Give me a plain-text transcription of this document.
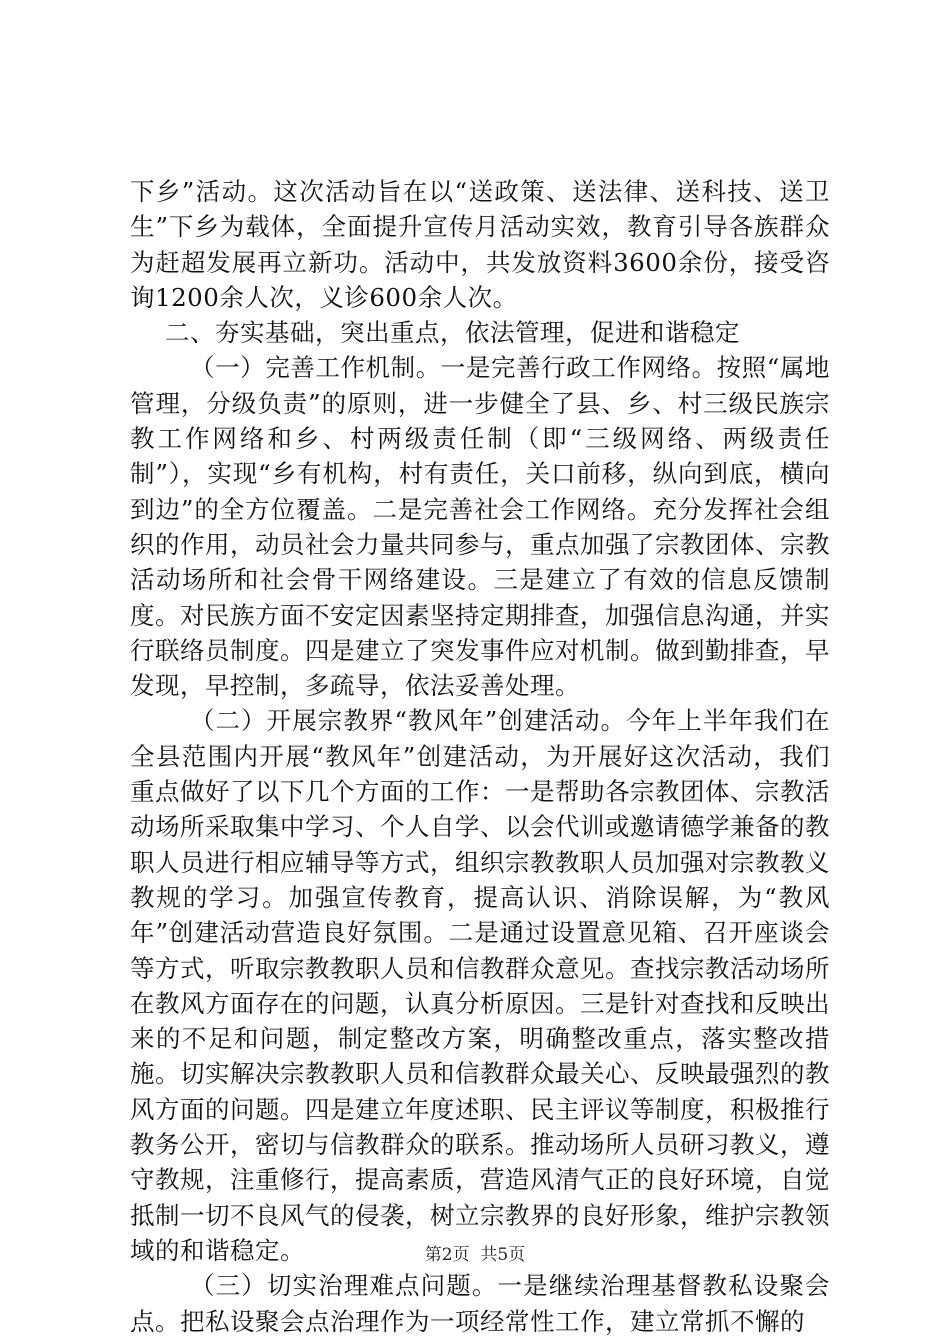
下乡”活动。这次活动旨在以“送政策、送法律、送科技、送卫生”下乡为载体，全面提升宣传月活动实效，教育引导各族群众为赶超发展再立新功。活动中，共发放资料3600余份，接受咨询1200余人次，义诊600余人次。

二、夯实基础，突出重点，依法管理，促进和谐稳定

（一）完善工作机制。一是完善行政工作网络。按照“属地管理，分级负责”的原则，进一步健全了县、乡、村三级民族宗教工作网络和乡、村两级责任制（即“三级网络、两级责任制”），实现“乡有机构，村有责任，关口前移，纵向到底，横向到边”的全方位覆盖。二是完善社会工作网络。充分发挥社会组织的作用，动员社会力量共同参与，重点加强了宗教团体、宗教活动场所和社会骨干网络建设。三是建立了有效的信息反馈制度。对民族方面不安定因素坚持定期排查，加强信息沟通，并实行联络员制度。四是建立了突发事件应对机制。做到勤排查，早发现，早控制，多疏导，依法妥善处理。

（二）开展宗教界“教风年”创建活动。今年上半年我们在全县范围内开展“教风年”创建活动，为开展好这次活动，我们重点做好了以下几个方面的工作：一是帮助各宗教团体、宗教活动场所采取集中学习、个人自学、以会代训或邀请德学兼备的教职人员进行相应辅导等方式，组织宗教教职人员加强对宗教教义教规的学习。加强宣传教育，提高认识、消除误解，为“教风年”创建活动营造良好氛围。二是通过设置意见箱、召开座谈会等方式，听取宗教教职人员和信教群众意见。查找宗教活动场所在教风方面存在的问题，认真分析原因。三是针对查找和反映出来的不足和问题，制定整改方案，明确整改重点，落实整改措施。切实解决宗教教职人员和信教群众最关心、反映最强烈的教风方面的问题。四是建立年度述职、民主评议等制度，积极推行教务公开，密切与信教群众的联系。推动场所人员研习教义，遵守教规，注重修行，提高素质，营造风清气正的良好环境，自觉抵制一切不良风气的侵袭，树立宗教界的良好形象，维护宗教领域的和谐稳定。

（三）切实治理难点问题。一是继续治理基督教私设聚会点。把私设聚会点治理作为一项经常性工作，建立常抓不懈的

第2页  共5页
